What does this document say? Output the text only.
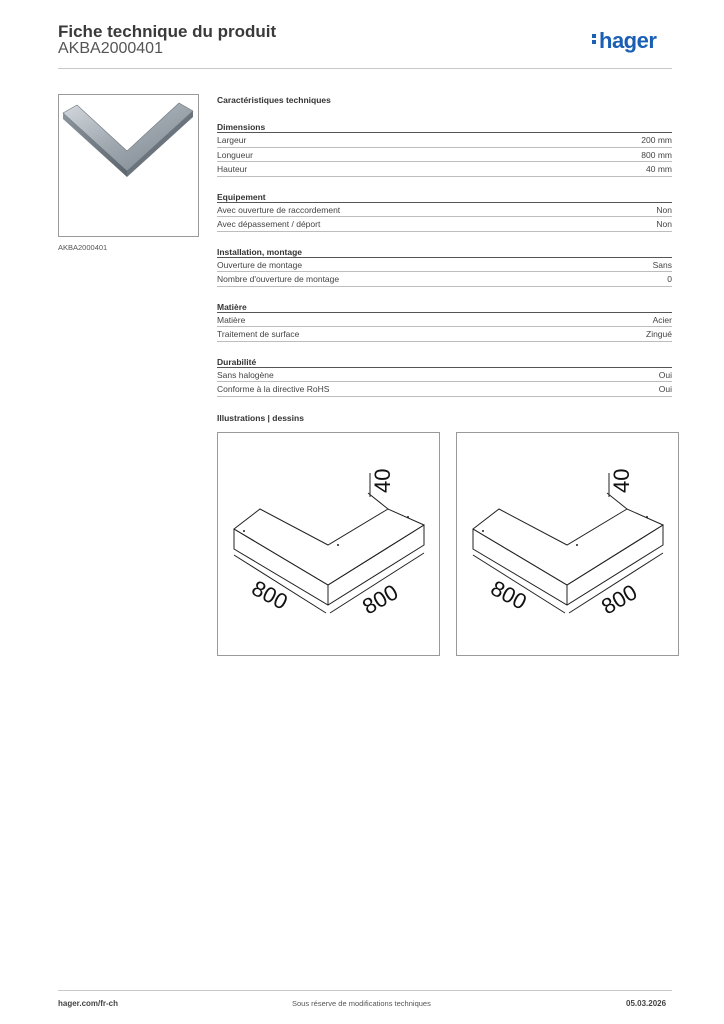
Fiche technique du produit
AKBA2000401	hager
AKBA2000401
Caractéristiques techniques
Dimensions
Largeur	200 mm
Longueur	800 mm
Hauteur	40 mm
Equipement
Avec ouverture de raccordement	Non
Avec dépassement / déport	Non
Installation, montage
Ouverture de montage	Sans
Nombre d'ouverture de montage	0
Matière
Matière	Acier
Traitement de surface	Zingué
Durabilité
Sans halogène	Oui
Conforme à la directive RoHS	Oui
Illustrations | dessins
40
800	800
40
800	800
hager.com/fr-ch	Sous réserve de modifications techniques	05.03.2026
